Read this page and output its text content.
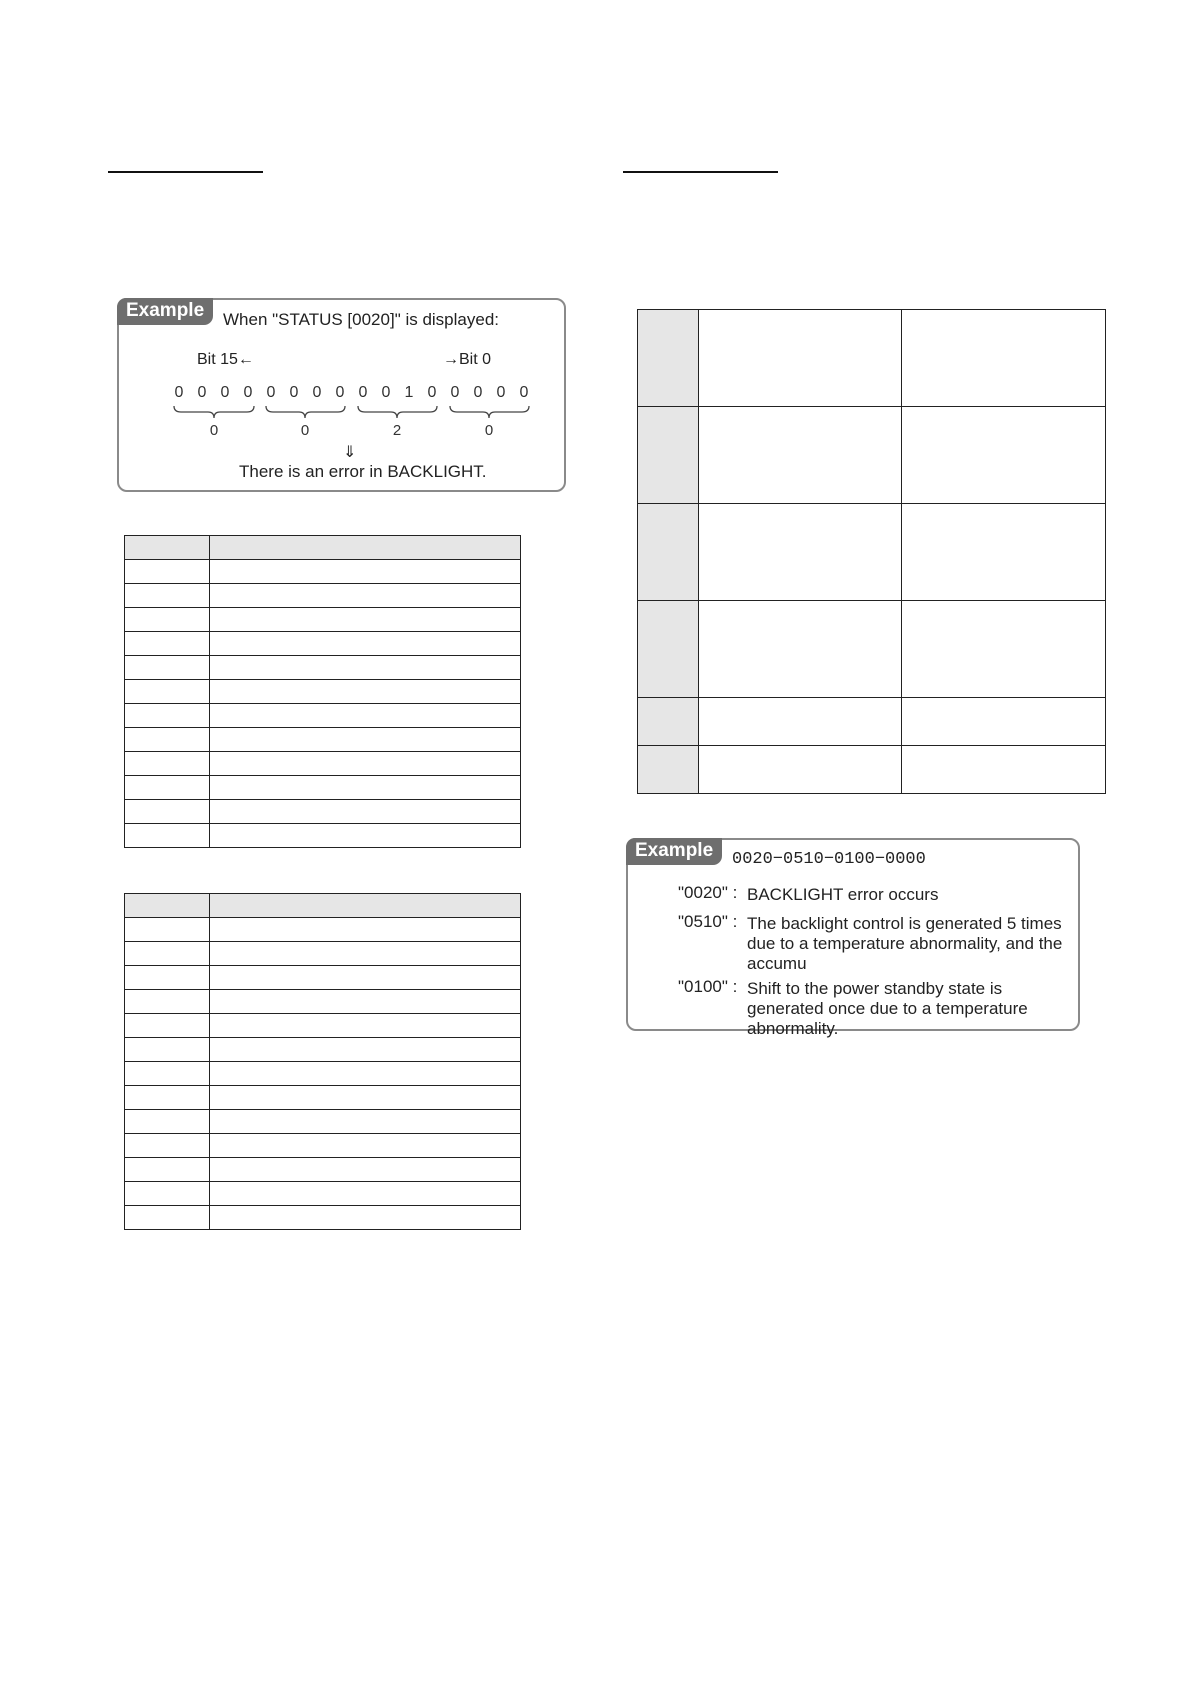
Example	When "STATUS [0020]" is displayed:
Bit 15←	→Bit 0
0 0 0 0 0 0 0 0 0 0 1 0 0 0 0 0
0	0	2	0
⇓
There is an error in BACKLIGHT.

Example	0020−0510−0100−0000
"0020" : BACKLIGHT error occurs
"0510" : The backlight control is generated 5 times due to a temperature abnormality, and the accumu
"0100" : Shift to the power standby state is generated once due to a temperature abnormality.
